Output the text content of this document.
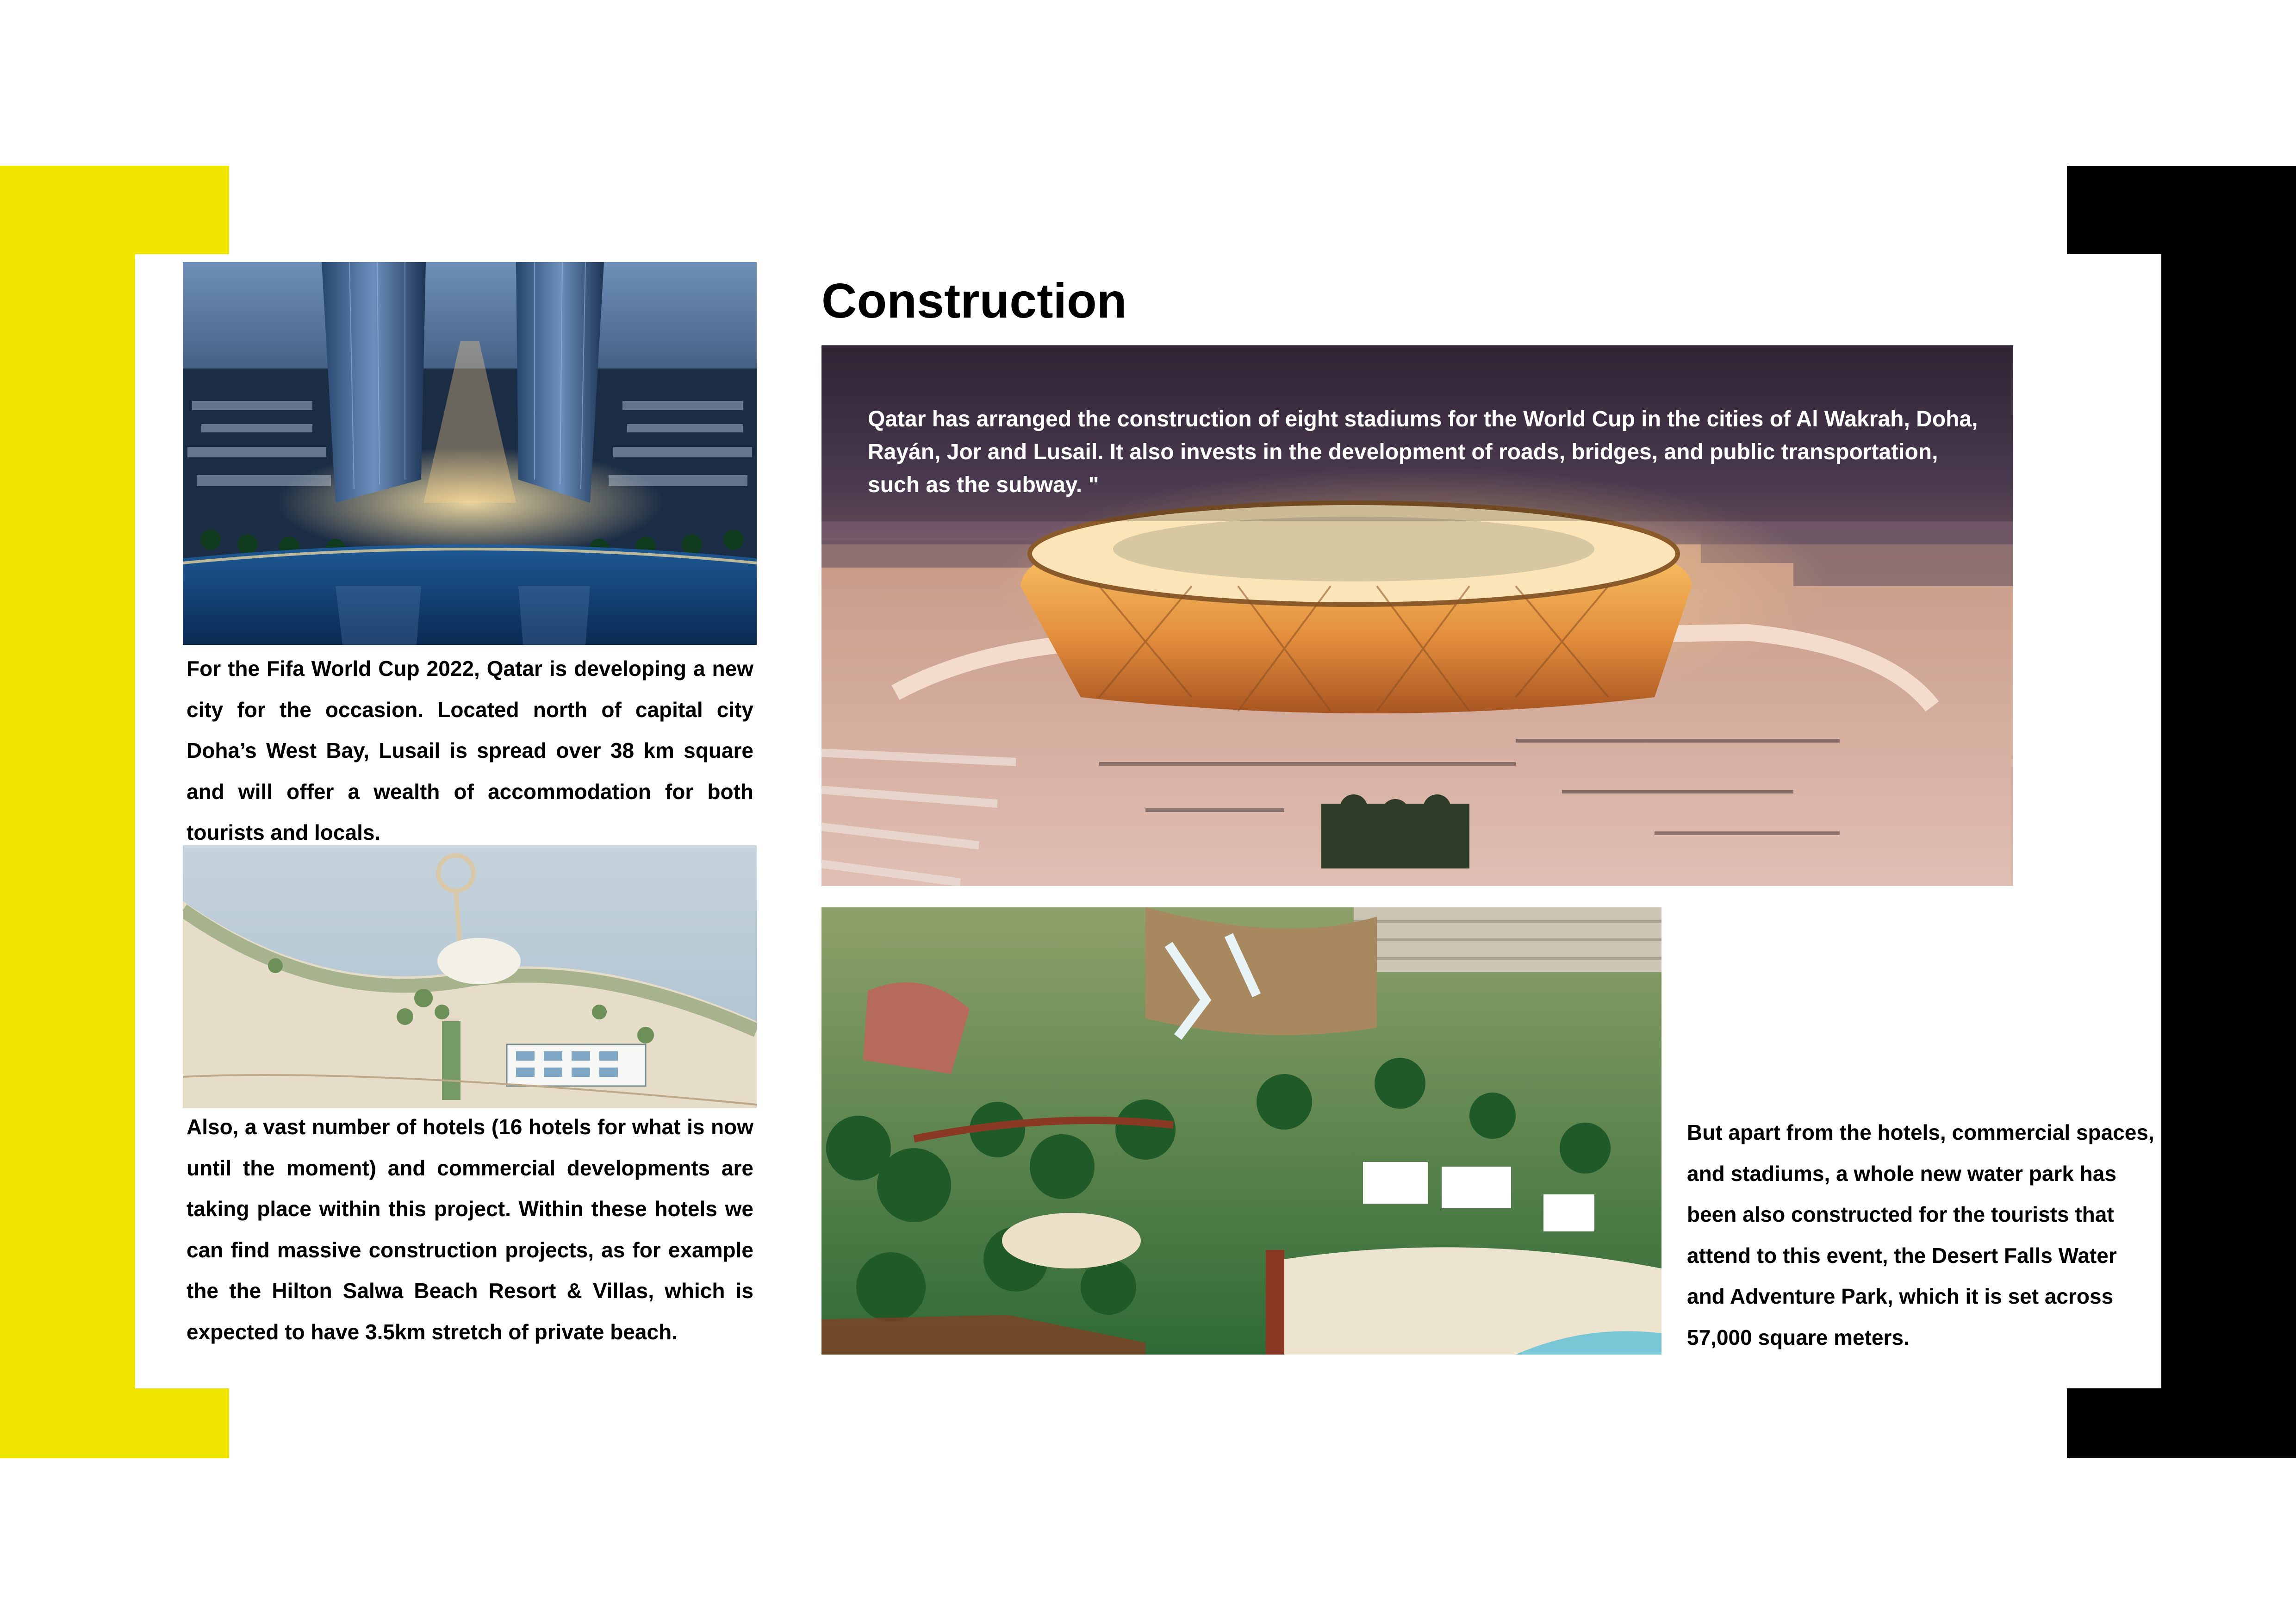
Construction
For the Fifa World Cup 2022, Qatar is developing a new city for the occasion. Located north of capital city Doha’s West Bay, Lusail is spread over 38 km square and will offer a wealth of accommodation for both tourists and locals.
Also, a vast number of hotels (16 hotels for what is now until the moment) and commercial developments are taking place within this project. Within these hotels we can find massive construction projects, as for example the the Hilton Salwa Beach Resort & Villas, which is expected to have 3.5km stretch of private beach.
Qatar has arranged the construction of eight stadiums for the World Cup in the cities of Al Wakrah, Doha, Rayán, Jor and Lusail. It also invests in the development of roads, bridges, and public transportation, such as the subway. "
But apart from the hotels, commercial spaces, and stadiums, a whole new water park has been also constructed for the tourists that attend to this event, the Desert Falls Water and Adventure Park, which it is set across 57,000 square meters.
